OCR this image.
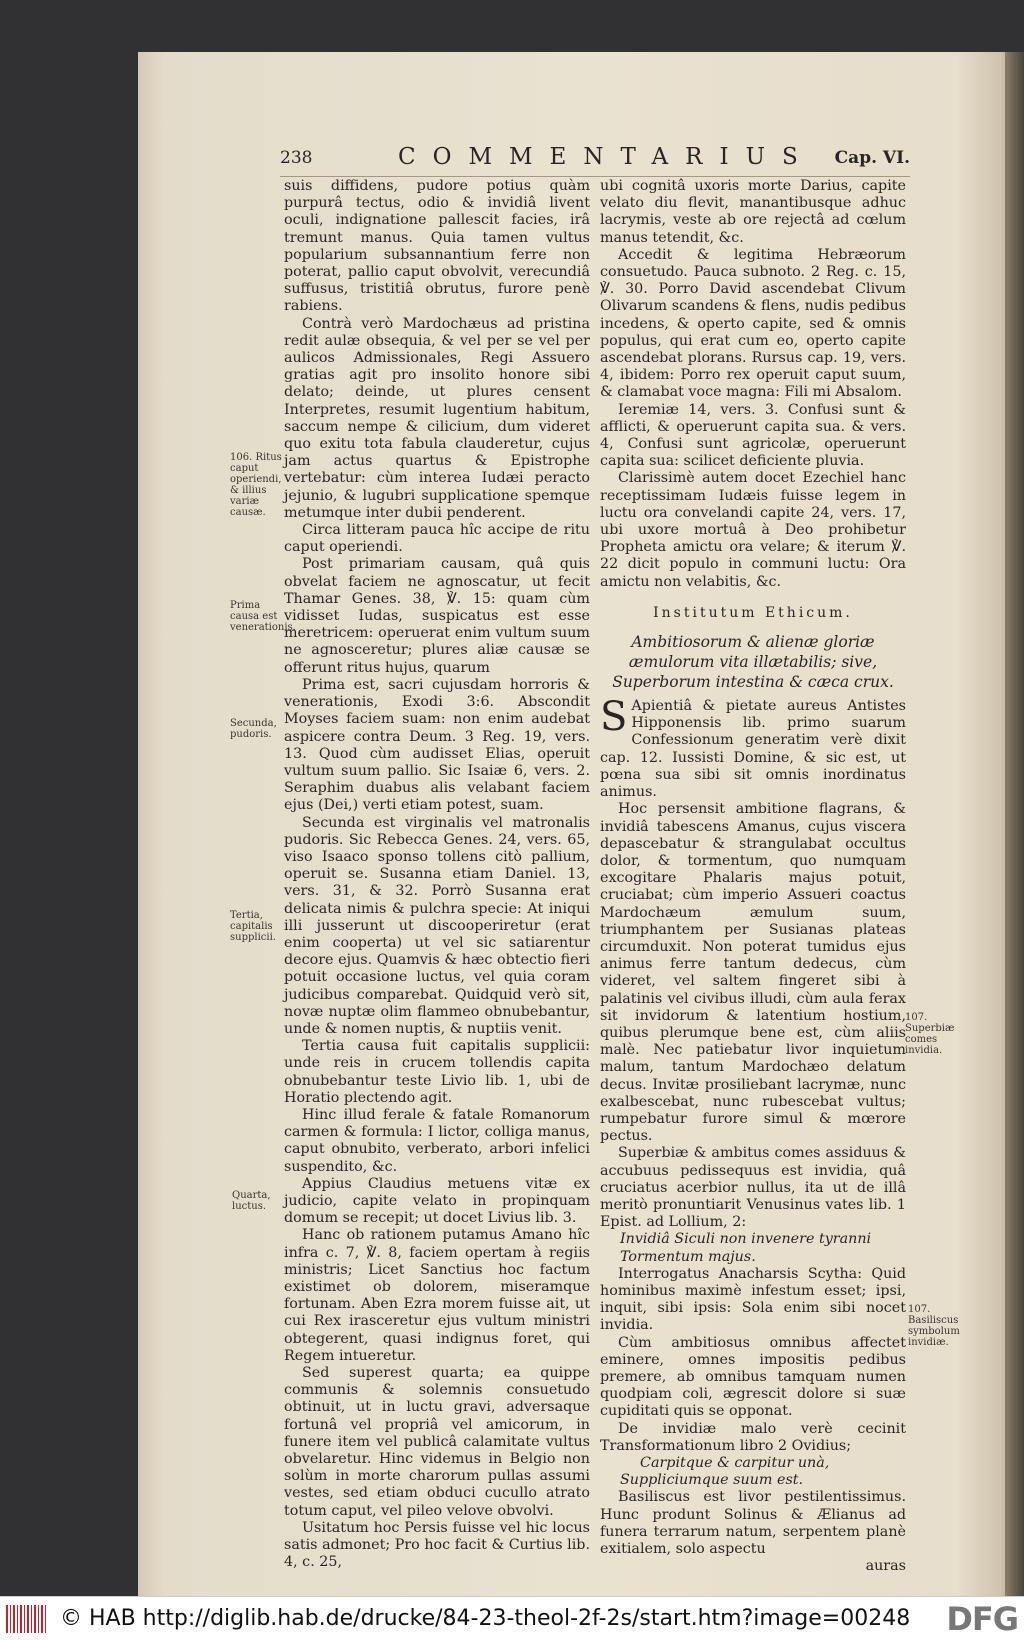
238	COMMENTARIUS Cap. VI.

suis diffidens, pudore potius quàm purpurâ tectus, odio & invidiâ livent oculi, indignatione pallescit facies, irâ tremunt manus. Quia tamen vultus popularium subsannantium ferre non poterat, pallio caput obvolvit, verecundiâ suffusus, tristitiâ obrutus, furore penè rabiens.

Contrà verò Mardochæus ad pristina redit aulæ obsequia, & vel per se vel per aulicos Admissionales, Regi Assuero gratias agit pro insolito honore sibi delato; deinde, ut plures censent Interpretes, resumit lugentium habitum, saccum nempe & cilicium, dum videret quo exitu tota fabula clauderetur, cujus jam actus quartus & Epistrophe vertebatur: cùm interea Iudæi peracto jejunio, & lugubri supplicatione spemque metumque inter dubii penderent.

Circa litteram pauca hîc accipe de ritu caput operiendi.

Post primariam causam, quâ quis obvelat faciem ne agnoscatur, ut fecit Thamar Genes. 38, ℣. 15: quam cùm vidisset Iudas, suspicatus est esse meretricem: operuerat enim vultum suum ne agnosceretur; plures aliæ causæ se offerunt ritus hujus, quarum

Prima est, sacri cujusdam horroris & venerationis, Exodi 3:6. Abscondit Moyses faciem suam: non enim audebat aspicere contra Deum. 3 Reg. 19, vers. 13. Quod cùm audisset Elias, operuit vultum suum pallio. Sic Isaiæ 6, vers. 2. Seraphim duabus alis velabant faciem ejus (Dei,) verti etiam potest, suam.

Secunda est virginalis vel matronalis pudoris. Sic Rebecca Genes. 24, vers. 65, viso Isaaco sponso tollens citò pallium, operuit se. Susanna etiam Daniel. 13, vers. 31, & 32. Porrò Susanna erat delicata nimis & pulchra specie: At iniqui illi jusserunt ut discooperiretur (erat enim cooperta) ut vel sic satiarentur decore ejus. Quamvis & hæc obtectio fieri potuit occasione luctus, vel quia coram judicibus comparebat. Quidquid verò sit, novæ nuptæ olim flammeo obnubebantur, unde & nomen nuptis, & nuptiis venit.

Tertia causa fuit capitalis supplicii: unde reis in crucem tollendis capita obnubebantur teste Livio lib. 1, ubi de Horatio plectendo agit.

Hinc illud ferale & fatale Romanorum carmen & formula: I lictor, colliga manus, caput obnubito, verberato, arbori infelici suspendito, &c.

Appius Claudius metuens vitæ ex judicio, capite velato in propinquam domum se recepit; ut docet Livius lib. 3.

Hanc ob rationem putamus Amano hîc infra c. 7, ℣. 8, faciem opertam à regiis ministris; Licet Sanctius hoc factum existimet ob dolorem, miseramque fortunam. Aben Ezra morem fuisse ait, ut cui Rex irasceretur ejus vultum ministri obtegerent, quasi indignus foret, qui Regem intueretur.

Sed superest quarta; ea quippe communis & solemnis consuetudo obtinuit, ut in luctu gravi, adversaque fortunâ vel propriâ vel amicorum, in funere item vel publicâ calamitate vultus obvelaretur. Hinc videmus in Belgio non solùm in morte charorum pullas assumi vestes, sed etiam obduci cucullo atrato totum caput, vel pileo velove obvolvi.

Usitatum hoc Persis fuisse vel hic locus satis admonet; Pro hoc facit & Curtius lib. 4, c. 25,

ubi cognitâ uxoris morte Darius, capite velato diu flevit, manantibusque adhuc lacrymis, veste ab ore rejectâ ad cœlum manus tetendit, &c.

Accedit & legitima Hebræorum consuetudo. Pauca subnoto. 2 Reg. c. 15, ℣. 30. Porro David ascendebat Clivum Olivarum scandens & flens, nudis pedibus incedens, & operto capite, sed & omnis populus, qui erat cum eo, operto capite ascendebat plorans. Rursus cap. 19, vers. 4, ibidem: Porro rex operuit caput suum, & clamabat voce magna: Fili mi Absalom.

Ieremiæ 14, vers. 3. Confusi sunt & afflicti, & operuerunt capita sua. & vers. 4, Confusi sunt agricolæ, operuerunt capita sua: scilicet deficiente pluvia.

Clarissimè autem docet Ezechiel hanc receptissimam Iudæis fuisse legem in luctu ora convelandi capite 24, vers. 17, ubi uxore mortuâ à Deo prohibetur Propheta amictu ora velare; & iterum ℣. 22 dicit populo in communi luctu: Ora amictu non velabitis, &c.

Institutum Ethicum.

Ambitiosorum & alienæ gloriæ æmulorum vita illætabilis; sive, Superborum intestina & cæca crux.

S Apientiâ & pietate aureus Antistes Hipponensis lib. primo suarum Confessionum generatim verè dixit cap. 12. Iussisti Domine, & sic est, ut pœna sua sibi sit omnis inordinatus animus.

Hoc persensit ambitione flagrans, & invidiâ tabescens Amanus, cujus viscera depascebatur & strangulabat occultus dolor, & tormentum, quo numquam excogitare Phalaris majus potuit, cruciabat; cùm imperio Assueri coactus Mardochæum æmulum suum, triumphantem per Susianas plateas circumduxit. Non poterat tumidus ejus animus ferre tantum dedecus, cùm videret, vel saltem fingeret sibi à palatinis vel civibus illudi, cùm aula ferax sit invidorum & latentium hostium, quibus plerumque bene est, cùm aliis malè. Nec patiebatur livor inquietum malum, tantum Mardochæo delatum decus. Invitæ prosiliebant lacrymæ, nunc exalbescebat, nunc rubescebat vultus; rumpebatur furore simul & mœrore pectus.

Superbiæ & ambitus comes assiduus & accubuus pedissequus est invidia, quâ cruciatus acerbior nullus, ita ut de illâ meritò pronuntiarit Venusinus vates lib. 1 Epist. ad Lollium, 2:

Invidiâ Siculi non invenere tyranni

Tormentum majus.

Interrogatus Anacharsis Scytha: Quid hominibus maximè infestum esset; ipsi, inquit, sibi ipsis: Sola enim sibi nocet invidia.

Cùm ambitiosus omnibus affectet eminere, omnes impositis pedibus premere, ab omnibus tamquam numen quodpiam coli, ægrescit dolore si suæ cupiditati quis se opponat.

De invidiæ malo verè cecinit Transformationum libro 2 Ovidius;

Carpitque & carpitur unà,

Suppliciumque suum est.

Basiliscus est livor pestilentissimus. Hunc produnt Solinus & Ælianus ad funera terrarum natum, serpentem planè exitialem, solo aspectu

auras

106. Ritus caput operiendi, & illius variæ causæ.
Prima causa est venerationis.
Secunda, pudoris.
Tertia, capitalis supplicii.
Quarta, luctus.
107. Superbiæ comes invidia.
107. Basiliscus symbolum invidiæ.
© HAB http://diglib.hab.de/drucke/84-23-theol-2f-2s/start.htm?image=00248 DFG
